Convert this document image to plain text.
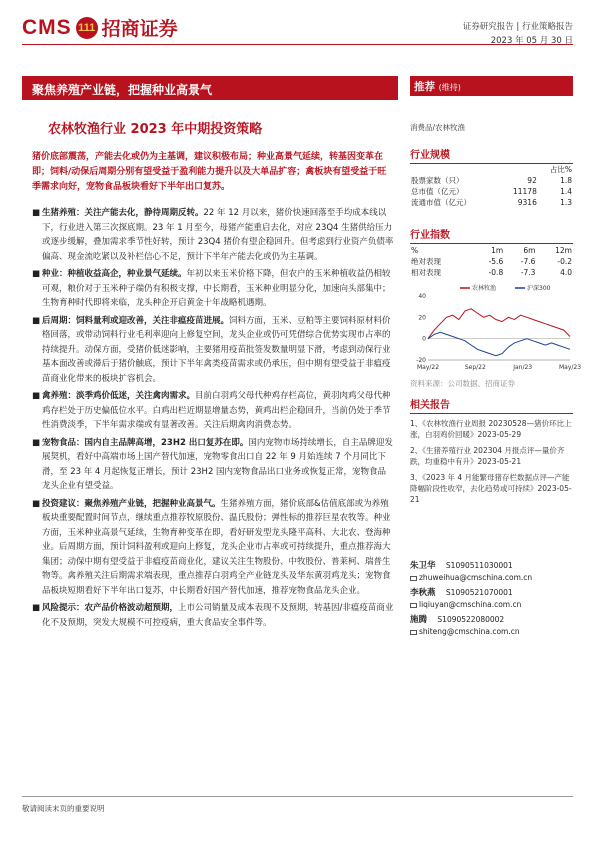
CMS 111 招商证券	证券研究报告 | 行业策略报告
2023 年 05 月 30 日
聚焦养殖产业链，把握种业高景气
农林牧渔行业 2023 年中期投资策略
猪价底部震荡，产能去化或仍为主基调，建议积极布局；种业高景气延续，转基因变革在即；饲料/动保后周期分别有望受益于盈利能力提升以及大单品扩容；禽板块有望受益于旺季需求向好，宠物食品板块看好下半年出口复苏。

■ 生猪养殖：关注产能去化，静待周期反转。22 年 12 月以来，猪价快速回落至手均成本线以下，行业进入第三次探底期。23 年 1 月至今，母猪产能重启去化，对应 23Q4 生猪供给压力或逐步缓解，叠加需求季节性好转，预计 23Q4 猪价有望企稳回升。但考虑到行业资产负债率偏高、现金流吃紧以及补栏信心不足，预计下半年产能去化或仍为主基调。

■ 种业：种植收益高企，种业景气延续。年初以来玉米价格下降，但农户的玉米种植收益仍相较可观，粮价对于玉米种子端仍有积极支撑，中长期看，玉米种业明显分化，加速向头部集中；生物育种时代即将来临，龙头种企开启黄金十年战略机遇期。

■ 后周期：饲料量利或迎改善，关注非瘟疫苗进展。饲料方面，玉米、豆粕等主要饲料原材料价格回落，或带动饲料行业毛利率迎向上修复空间，龙头企业或仍可凭借综合优势实现市占率的持续提升。动保方面，受猪价低迷影响，主要猪用疫苗批签发数量明显下滑，考虑到动保行业基本面改善或滞后于猪价触底，预计下半年禽类疫苗需求或仍承压，但中期有望受益于非瘟疫苗商业化带来的板块扩容机会。

■ 禽养殖：淡季鸡价低迷，关注禽肉需求。目前白羽鸡父母代种鸡存栏高位，黄羽肉鸡父母代种鸡存栏处于历史偏低位水平。白鸡出栏近期显增量态势，黄鸡出栏企稳回升，当前仍处于季节性消费淡季，下半年需求端或有显著改善。关注后期禽肉消费态势。

■ 宠物食品：国内自主品牌高增，23H2 出口复苏在即。国内宠物市场持续增长，自主品牌迎发展契机，看好中高端市场上国产替代加速，宠物零食出口自 22 年 9 月始连续 7 个月同比下滑，至 23 年 4 月起恢复正增长，预计 23H2 国内宠物食品出口业务或恢复正常，宠物食品龙头企业有望受益。

■ 投资建议：聚焦养殖产业链，把握种业高景气。生猪养殖方面，猪价底部&估值底部或为养殖板块重要配置时间节点，继续重点推荐牧原股份、温氏股份；弹性标的推荐巨星农牧等。种业方面，玉米种业高景气延续，生物育种变革在即，看好研发型龙头隆平高科、大北农、登海种业。后周期方面，预计饲料盈利或迎向上修复，龙头企业市占率或可持续提升，重点推荐海大集团；动保中期有望受益于非瘟疫苗商业化，建议关注生物股份、中牧股份、普莱柯、瑞普生物等。禽养殖关注后期需求端表现，重点推荐白羽鸡全产业链龙头及华东黄羽鸡龙头；宠物食品板块短期看好下半年出口复苏，中长期看好国产替代加速，推荐宠物食品龙头企业。

■ 风险提示：农产品价格波动超预期，上市公司销量及成本表现不及预期，转基因/非瘟疫苗商业化不及预期，突发大规模不可控疫病，重大食品安全事件等。

推荐 (维持)
消费品/农林牧渔
行业规模
		占比%
股票家数（只）	92	1.8
总市值（亿元）	11178	1.4
流通市值（亿元）	9316	1.3
行业指数
%	1m	6m	12m
绝对表现	-5.6	-7.6	-0.2
相对表现	-0.8	-7.3	4.0
40
20
0
-20
May/22	Sep/22	Jan/23	May/23
农林牧渔	沪深300
资料来源：公司数据、招商证券
相关报告
1、《农林牧渔行业周报 20230528—猪价环比上涨，白羽鸡价回暖》2023-05-29
2、《生猪养殖行业 202304 月报点评—量价齐跌，均重稳中有升》2023-05-21
3、《2023 年 4 月能繁母猪存栏数据点评—产能降幅阶段性收窄，去化趋势或可持续》2023-05-21
朱卫华 S1090511030001
zhuweihua@cmschina.com.cn
李秋燕 S1090521070001
liqiuyan@cmschina.com.cn
施腾 S1090522080002
shiteng@cmschina.com.cn
敬请阅读末页的重要说明
